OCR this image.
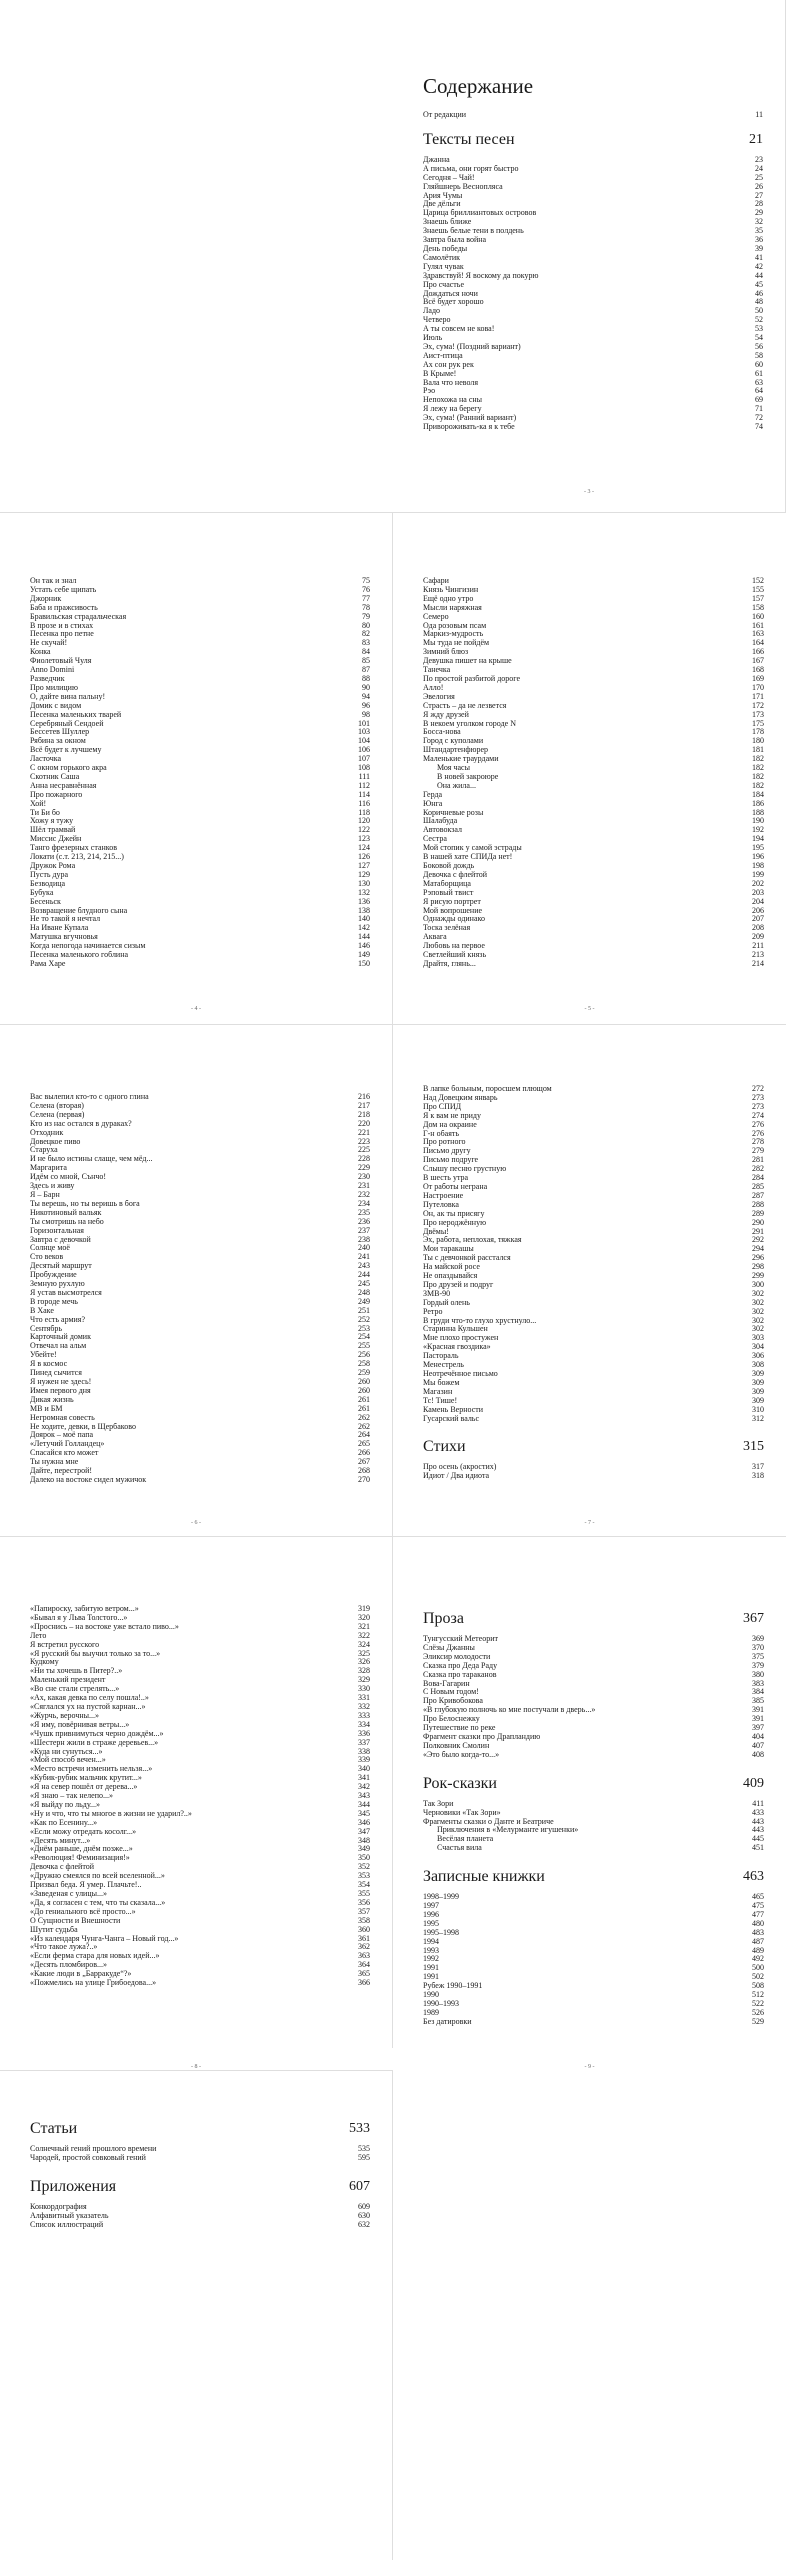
Содержание
От редакции	11
Тексты песен	21
Джанна	23
А письма, они горят быстро	24
Сегодня – Чай!	25
Гляйшнерь Веснопляса	26
Ария Чумы	27
Две дёльги	28
Царица бриллиантовых островов	29
Знаешь ближе	32
Знаешь белые тени в полдень	35
Завтра была война	36
День победы	39
Самолётик	41
Гулял чувак	42
Здравствуй! Я воскому да покурю	44
Про счастье	45
Дождаться ночи	46
Всё будет хорошо	48
Ладо	50
Четверо	52
А ты совсем не кова!	53
Июль	54
Эх, сума! (Поздний вариант)	56
Аист-птица	58
Ах сон рук рек	60
В Крыме!	61
Вала что неволя	63
Рэо	64
Непохожа на сны	69
Я лежу на берегу	71
Эх, сума! (Ранний вариант)	72
Привороживать-ка я к тебе	74
- 3 -
Он так и знал	75
Устать себе щипать	76
Джорник	77
Баба и пражсивость	78
Бравильская страдальческая	79
В прозе и в стихах	80
Песенка про петне	82
Не скучай!	83
Конка	84
Фиолетовый Чуля	85
Anno Domini	87
Разведчик	88
Про милицию	90
О, дайте вина пальну!	94
Домик с видом	96
Песенка маленьких тварей	98
Серебряный Сендоей	101
Бессетев Шуллер	103
Рябина за окном	104
Всё будет к лучшему	106
Ласточка	107
С окном горького акра	108
Скотник Саша	111
Анна несравнённая	112
Про пожарного	114
Хой!	116
Ти Би бо	118
Хожу я тужу	120
Шёл трамвай	122
Миссис Джейн	123
Танго фрезерных станков	124
Локати (с.т. 213, 214, 215...)	126
Дружок Рома	127
Пусть дура	129
Безводица	130
Бубука	132
Бесеньск	136
Возвращение блудного сына	138
Не то такой я нечтал	140
На Иване Купала	142
Матушка вгучновья	144
Когда непогода начинается сизым	146
Песенка маленького гоблина	149
Рама Харе	150
- 4 -
Сафари	152
Князь Чингизин	155
Ещё одно утро	157
Мысли наряжная	158
Семеро	160
Ода розовым псам	161
Маркиз-мудрость	163
Мы туда не пойдём	164
Зимний блюз	166
Девушка пишет на крыше	167
Танечка	168
По простой разбитой дороге	169
Алло!	170
Эвелогия	171
Страсть – да не лезвется	172
Я жду друзей	173
В некоем уголком городе N	175
Босса-нова	178
Город с куполами	180
Штандартенфюрер	181
Маленькие траурдами	182
Моя часы	182
В новей закроюре	182
Она жила...	182
Герда	184
Юнга	186
Коричневые розы	188
Шалабуда	190
Автовокзал	192
Сестра	194
Мой стопик у самой эстрады	195
В нашей хате СПИДа нет!	196
Боковой дождь	198
Девочка с флейтой	199
Матаборщица	202
Рэповый твист	203
Я рисую портрет	204
Мой вопрошение	206
Однажды одинако	207
Тоска зелёная	208
Аквага	209
Любовь на первое	211
Светлейший князь	213
Драйтя, глянь...	214
- 5 -
Вас вылепил кто-то с одного глина	216
Селена (вторая)	217
Селена (первая)	218
Кто из нас остался в дураках?	220
Отходник	221
Довецкое пиво	223
Старуха	225
И не было истины слаще, чем мёд...	228
Маргарита	229
Идём со мной, Сънчо!	230
Здесь и живу	231
Я – Барн	232
Ты верешь, но ты веришь в бога	234
Никотиновый вальяк	235
Ты смотришь на небо	236
Горизонтальная	237
Завтра с девочкой	238
Солнце моё	240
Сто веков	241
Десятый маршрут	243
Пробуждение	244
Земную рухлую	245
Я устав высмотрелся	248
В городе мечь	249
В Хаке	251
Что есть армия?	252
Сентябрь	253
Карточный домик	254
Отвечал на альм	255
Убейте!	256
Я в космос	258
Пинед сычится	259
Я нужен не здесь!	260
Имея первого дня	260
Дикая жизнь	261
МВ и БМ	261
Негромная совесть	262
Не ходите, девки, в Щербаково	262
Доярок – моё папа	264
«Летучий Голландец»	265
Спасайся кто может	266
Ты нужна мне	267
Дайте, перестрой!	268
Далеко на востоке сидел мужичок	270
- 6 -
В лапке больным, поросшем плющом	272
Над Довецким январь	273
Про СПИД	273
Я к вам не приду	274
Дом на окраине	276
Г-н обаять	276
Про ротного	278
Письмо другу	279
Письмо подруге	281
Слышу песню грустную	282
В шесть утра	284
От работы неграна	285
Настроение	287
Путеловка	288
Он, ак ты присягу	289
Про нероджённую	290
Двёмы!	291
Эх, работа, неплохая, тяжкая	292
Мои таракашы	294
Ты с девчонкой расстался	296
На майской росе	298
Не опаздывайся	299
Про друзей и подруг	300
ЗМВ-90	302
Гордый олень	302
Ретро	302
В груди что-то глухо хрустнуло...	302
Старинна Кульшен	302
Мне плохо простужен	303
«Красная гвоздика»	304
Пастораль	306
Менестрель	308
Неотречённое письмо	309
Мы божем	309
Магазин	309
Тс! Тише!	309
Камень Верности	310
Гусарский вальс	312
Стихи	315
Про осень (акростих)	317
Идиот / Два идиота	318
- 7 -
«Папироску, забитую ветром...»	319
«Бывал я у Льва Толстого...»	320
«Проснись – на востоке уже встало пиво...»	321
Лето	322
Я встретил русского	324
«Я русский бы выучил только за то...»	325
Кудкому	326
«Ни ты хочешь в Питер?..»	328
Маленький президент	329
«Во сне стали стрелять...»	330
«Ах, какая девка по селу пошла!..»	331
«Сяглался ух на пустой карнан...»	332
«Журчь, верочны...»	333
«Я иму, повёрнивая ветры...»	334
«Чушк привнимуться черно дождём...»	336
«Шестерн жили в страже деревьев...»	337
«Куда ни сунуться...»	338
«Мой способ вечен...»	339
«Место встречи изменить нельзя...»	340
«Кубик-рубик мальчик крутит...»	341
«Я на север пошёл от дерева...»	342
«Я знаю – так нелепо...»	343
«Я выйду по льду...»	344
«Ну и что, что ты многое в жизни не ударил?..»	345
«Как по Есенину...»	346
«Если можу отредать косолг...»	347
«Десять минут...»	348
«Днём раньше, днём позже...»	349
«Революция! Феминизация!»	350
Девочка с флейтой	352
«Дружно смеялся по всей вселенной...»	353
Призвал беда. Я умер. Плачьте!..	354
«Заведеная с улицы...»	355
«Да, я согласен с тем, что ты сказала...»	356
«До гениального всё просто...»	357
О Сущности и Внешности	358
Шутит судьба	360
«Из календаря Чунга-Чанга – Новый год...»	361
«Что такое лужа?..»	362
«Если ферма стара для новых идей...»	363
«Десять пломбиров...»	364
«Какие люди в „Барракуде“?»	365
«Пожмелись на улице Грибоедова...»	366
- 8 -
Проза	367
Тунгусский Метеорит	369
Слёзы Джанны	370
Эликсир молодости	375
Сказка про Деда Раду	379
Сказка про тараканов	380
Вова-Гагарин	383
С Новым годом!	384
Про Кривобокова	385
«В глубокую полночь ко мне постучали в дверь...»	391
Про Белоснежку	391
Путешествие по реке	397
Фрагмент сказки про Драпландию	404
Полковник Смолин	407
«Это было когда-то...»	408
Рок-сказки	409
Так Зори	411
Черновики «Так Зори»	433
Фрагменты сказки о Данте и Беатриче	443
Приключения в «Мелурманте игушенки»	443
Весёлая планета	445
Счастья вила	451
Записные книжки	463
1998–1999	465
1997	475
1996	477
1995	480
1995–1998	483
1994	487
1993	489
1992	492
1991	500
1991	502
Рубеж 1990–1991	508
1990	512
1990–1993	522
1989	526
Без датировки	529
- 9 -
Статьи	533
Солнечный гений прошлого времени	535
Чародей, простой совковый гений	595
Приложения	607
Конкордография	609
Алфавитный указатель	630
Список иллюстраций	632
